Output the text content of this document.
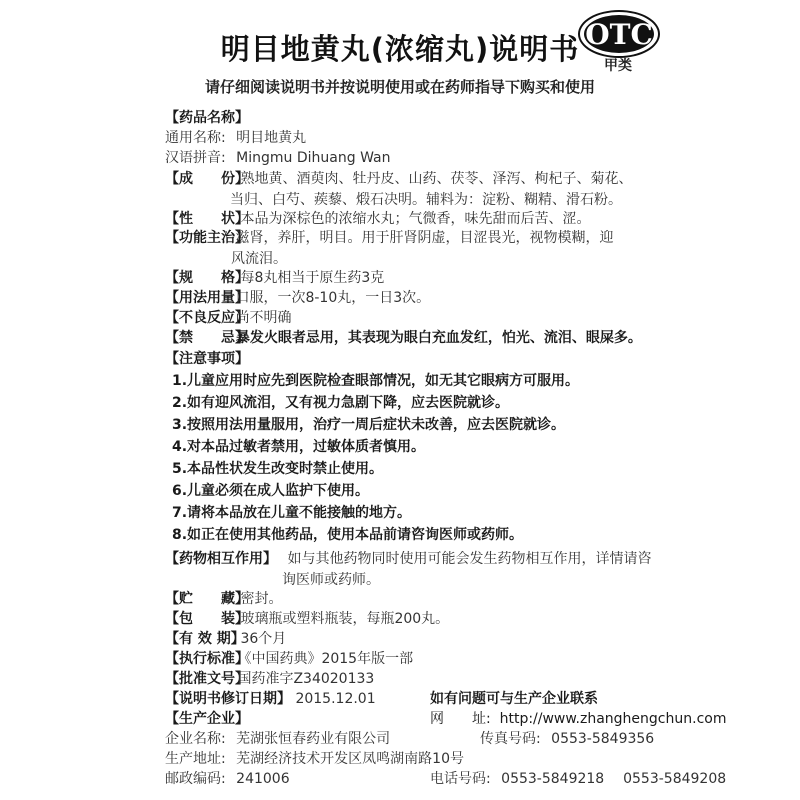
明目地黄丸(浓缩丸)说明书 OTC
甲类
请仔细阅读说明书并按说明使用或在药师指导下购买和使用
【药品名称】
通用名称: 明目地黄丸
汉语拼音: Mingmu Dihuang Wan
【成　　份】 熟地黄、酒萸肉、牡丹皮、山药、茯苓、泽泻、枸杞子、菊花、
当归、白芍、蒺藜、煅石决明。辅料为：淀粉、糊精、滑石粉。
【性　　状】 本品为深棕色的浓缩水丸；气微香，味先甜而后苦、涩。
【功能主治】 滋肾，养肝，明目。用于肝肾阴虚，目涩畏光，视物模糊，迎
风流泪。
【规　　格】 每8丸相当于原生药3克
【用法用量】 口服，一次8-10丸，一日3次。
【不良反应】 尚不明确
【禁　　忌】 暴发火眼者忌用，其表现为眼白充血发红，怕光、流泪、眼屎多。
【注意事项】
1.儿童应用时应先到医院检查眼部情况，如无其它眼病方可服用。
2.如有迎风流泪，又有视力急剧下降，应去医院就诊。
3.按照用法用量服用，治疗一周后症状未改善，应去医院就诊。
4.对本品过敏者禁用，过敏体质者慎用。
5.本品性状发生改变时禁止使用。
6.儿童必须在成人监护下使用。
7.请将本品放在儿童不能接触的地方。
8.如正在使用其他药品，使用本品前请咨询医师或药师。
【药物相互作用】 如与其他药物同时使用可能会发生药物相互作用，详情请咨
询医师或药师。
【贮　　藏】 密封。
【包　　装】 玻璃瓶或塑料瓶装，每瓶200丸。
【有 效 期】 36个月
【执行标准】 《中国药典》2015年版一部
【批准文号】 国药准字Z34020133
【说明书修订日期】 2015.12.01
【生产企业】
企业名称: 芜湖张恒春药业有限公司
生产地址: 芜湖经济技术开发区凤鸣湖南路10号
邮政编码: 241006	电话号码: 0553-5849218 0553-5849208
传真号码: 0553-5849356
网　　址: http://www.zhanghengchun.com
如有问题可与生产企业联系
